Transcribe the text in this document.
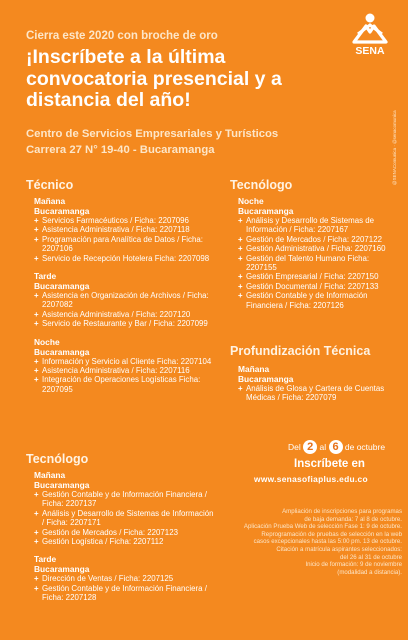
Cierra este 2020 con broche de oro
¡Inscríbete a la última convocatoria presencial y a distancia del año!
Centro de Servicios Empresariales y Turísticos
Carrera 27 N° 19-40 - Bucaramanga
SENA
@SENAComunica · @senacomunica
Técnico
Mañana
Bucaramanga
+ Servicios Farmacéuticos / Ficha: 2207096
+ Asistencia Administrativa / Ficha: 2207118
+ Programación para Analítica de Datos / Ficha: 2207106
+ Servicio de Recepción Hotelera Ficha: 2207098
Tarde
Bucaramanga
+ Asistencia en Organización de Archivos / Ficha: 2207082
+ Asistencia Administrativa / Ficha: 2207120
+ Servicio de Restaurante y Bar / Ficha: 2207099
Noche
Bucaramanga
+ Información y Servicio al Cliente Ficha: 2207104
+ Asistencia Administrativa / Ficha: 2207116
+ Integración de Operaciones Logísticas Ficha: 2207095
Tecnólogo
Mañana
Bucaramanga
+ Gestión Contable y de Información Financiera / Ficha: 2207137
+ Análisis y Desarrollo de Sistemas de Información / Ficha: 2207171
+ Gestión de Mercados / Ficha: 2207123
+ Gestión Logística / Ficha: 2207112
Tarde
Bucaramanga
+ Dirección de Ventas / Ficha: 2207125
+ Gestión Contable y de Información Financiera / Ficha: 2207128
Tecnólogo
Noche
Bucaramanga
+ Análisis y Desarrollo de Sistemas de Información / Ficha: 2207167
+ Gestión de Mercados / Ficha: 2207122
+ Gestión Administrativa / Ficha: 2207160
+ Gestión del Talento Humano Ficha: 2207155
+ Gestión Empresarial / Ficha: 2207150
+ Gestión Documental / Ficha: 2207133
+ Gestión Contable y de Información Financiera / Ficha: 2207126
Profundización Técnica
Mañana
Bucaramanga
+ Análisis de Glosa y Cartera de Cuentas Médicas / Ficha: 2207079
Del 2 al 6 de octubre
Inscríbete en
www.senasofiaplus.edu.co
Ampliación de inscripciones para programas
de baja demanda: 7 al 8 de octubre.
Aplicación Prueba Web de selección Fase 1: 9 de octubre.
Reprogramación de pruebas de selección en la web
casos excepcionales hasta las 5:00 pm. 13 de octubre.
Citación a matrícula aspirantes seleccionados:
del 26 al 31 de octubre
Inicio de formación: 9 de noviembre
(modalidad a distancia).
